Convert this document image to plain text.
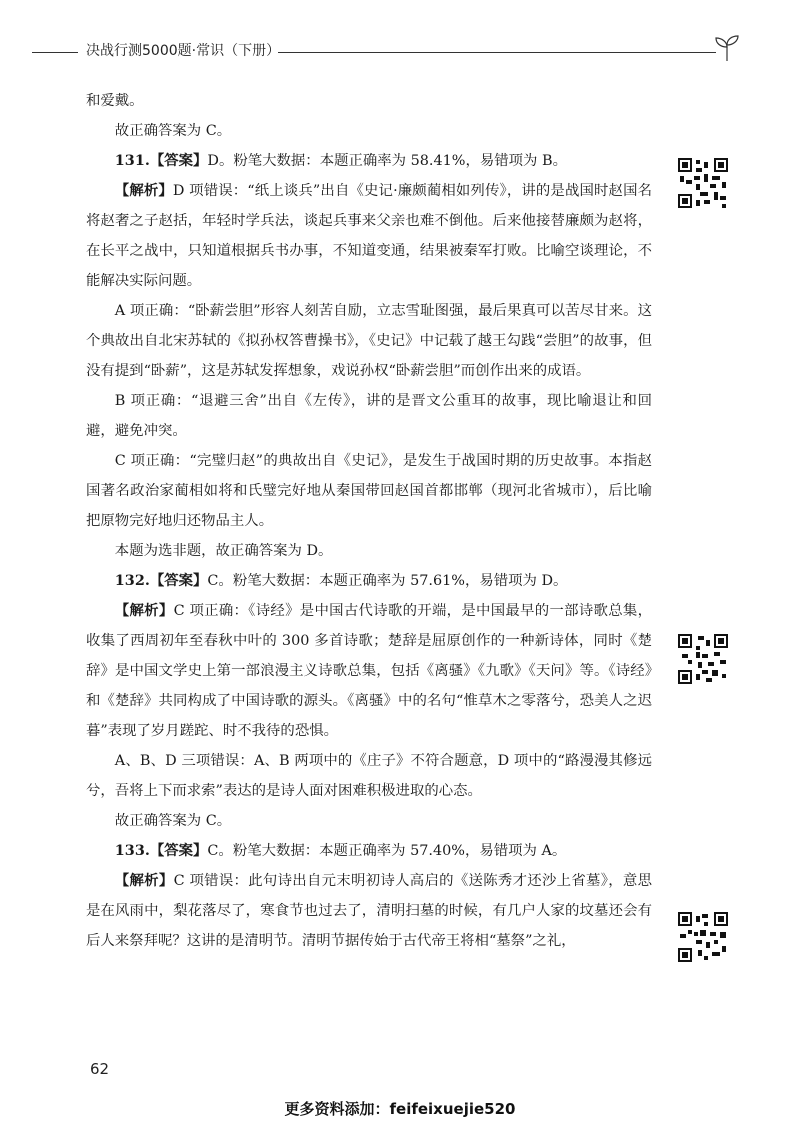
决战行测5000题·常识（下册）

和爱戴。

故正确答案为 C。

131.【答案】D。粉笔大数据：本题正确率为 58.41%，易错项为 B。

【解析】D 项错误：“纸上谈兵”出自《史记·廉颇蔺相如列传》，讲的是战国时赵国名将赵奢之子赵括，年轻时学兵法，谈起兵事来父亲也难不倒他。后来他接替廉颇为赵将，在长平之战中，只知道根据兵书办事，不知道变通，结果被秦军打败。比喻空谈理论，不能解决实际问题。

A 项正确：“卧薪尝胆”形容人刻苦自励，立志雪耻图强，最后果真可以苦尽甘来。这个典故出自北宋苏轼的《拟孙权答曹操书》，《史记》中记载了越王勾践“尝胆”的故事，但没有提到“卧薪”，这是苏轼发挥想象，戏说孙权“卧薪尝胆”而创作出来的成语。

B 项正确：“退避三舍”出自《左传》，讲的是晋文公重耳的故事，现比喻退让和回避，避免冲突。

C 项正确：“完璧归赵”的典故出自《史记》，是发生于战国时期的历史故事。本指赵国著名政治家蔺相如将和氏璧完好地从秦国带回赵国首都邯郸（现河北省城市），后比喻把原物完好地归还物品主人。

本题为选非题，故正确答案为 D。

132.【答案】C。粉笔大数据：本题正确率为 57.61%，易错项为 D。

【解析】C 项正确：《诗经》是中国古代诗歌的开端，是中国最早的一部诗歌总集，收集了西周初年至春秋中叶的 300 多首诗歌；楚辞是屈原创作的一种新诗体，同时《楚辞》是中国文学史上第一部浪漫主义诗歌总集，包括《离骚》《九歌》《天问》等。《诗经》和《楚辞》共同构成了中国诗歌的源头。《离骚》中的名句“惟草木之零落兮，恐美人之迟暮”表现了岁月蹉跎、时不我待的恐惧。

A、B、D 三项错误：A、B 两项中的《庄子》不符合题意，D 项中的“路漫漫其修远兮，吾将上下而求索”表达的是诗人面对困难积极进取的心态。

故正确答案为 C。

133.【答案】C。粉笔大数据：本题正确率为 57.40%，易错项为 A。

【解析】C 项错误：此句诗出自元末明初诗人高启的《送陈秀才还沙上省墓》，意思是在风雨中，梨花落尽了，寒食节也过去了，清明扫墓的时候，有几户人家的坟墓还会有后人来祭拜呢？这讲的是清明节。清明节据传始于古代帝王将相“墓祭”之礼，

62
更多资料添加：feifeixuejie520
